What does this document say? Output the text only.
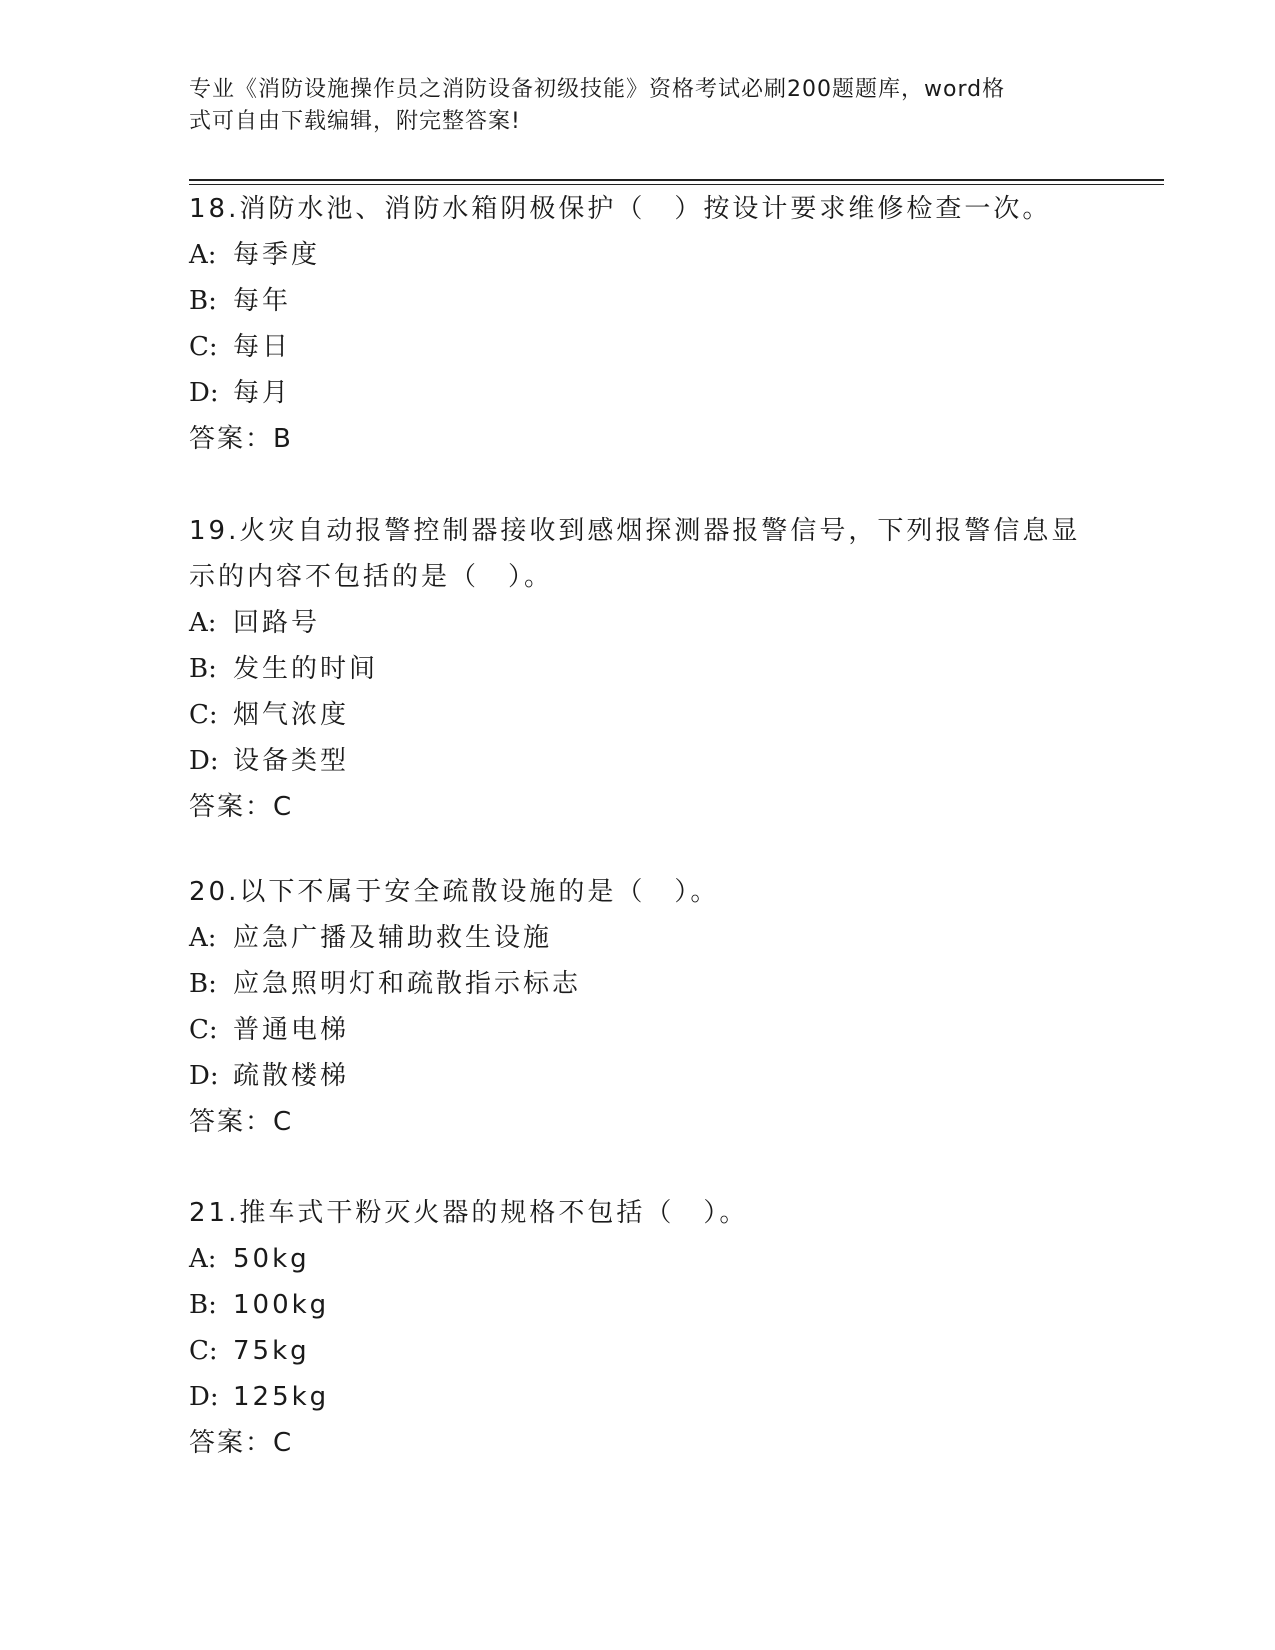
专业《消防设施操作员之消防设备初级技能》资格考试必刷200题题库，word格
式可自由下载编辑，附完整答案!

18.消防水池、消防水箱阴极保护（　）按设计要求维修检查一次。

A: 每季度

B: 每年

C: 每日

D: 每月

答案：B

19.火灾自动报警控制器接收到感烟探测器报警信号，下列报警信息显

示的内容不包括的是（　）。

A: 回路号

B: 发生的时间

C: 烟气浓度

D: 设备类型

答案：C

20.以下不属于安全疏散设施的是（　）。

A: 应急广播及辅助救生设施

B: 应急照明灯和疏散指示标志

C: 普通电梯

D: 疏散楼梯

答案：C

21.推车式干粉灭火器的规格不包括（　）。

A: 50kg

B: 100kg

C: 75kg

D: 125kg

答案：C
